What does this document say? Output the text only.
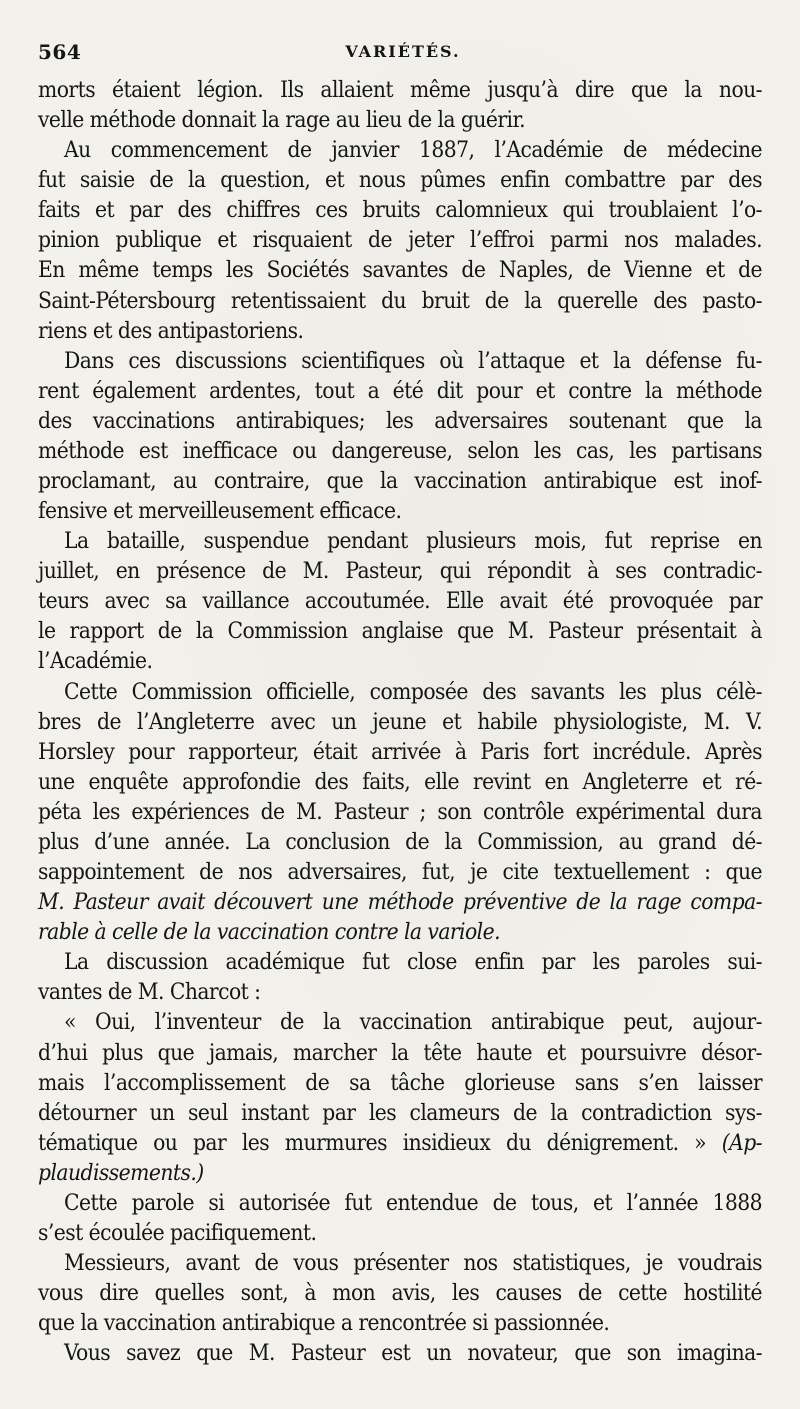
564	VARIÉTÉS.
morts étaient légion. Ils allaient même jusqu’à dire que la nou-
velle méthode donnait la rage au lieu de la guérir.
Au commencement de janvier 1887, l’Académie de médecine
fut saisie de la question, et nous pûmes enfin combattre par des
faits et par des chiffres ces bruits calomnieux qui troublaient l’o-
pinion publique et risquaient de jeter l’effroi parmi nos malades.
En même temps les Sociétés savantes de Naples, de Vienne et de
Saint-Pétersbourg retentissaient du bruit de la querelle des pasto-
riens et des antipastoriens.
Dans ces discussions scientifiques où l’attaque et la défense fu-
rent également ardentes, tout a été dit pour et contre la méthode
des vaccinations antirabiques; les adversaires soutenant que la
méthode est inefficace ou dangereuse, selon les cas, les partisans
proclamant, au contraire, que la vaccination antirabique est inof-
fensive et merveilleusement efficace.
La bataille, suspendue pendant plusieurs mois, fut reprise en
juillet, en présence de M. Pasteur, qui répondit à ses contradic-
teurs avec sa vaillance accoutumée. Elle avait été provoquée par
le rapport de la Commission anglaise que M. Pasteur présentait à
l’Académie.
Cette Commission officielle, composée des savants les plus célè-
bres de l’Angleterre avec un jeune et habile physiologiste, M. V.
Horsley pour rapporteur, était arrivée à Paris fort incrédule. Après
une enquête approfondie des faits, elle revint en Angleterre et ré-
péta les expériences de M. Pasteur ; son contrôle expérimental dura
plus d’une année. La conclusion de la Commission, au grand dé-
sappointement de nos adversaires, fut, je cite textuellement : que
M. Pasteur avait découvert une méthode préventive de la rage compa-
rable à celle de la vaccination contre la variole.
La discussion académique fut close enfin par les paroles sui-
vantes de M. Charcot :
« Oui, l’inventeur de la vaccination antirabique peut, aujour-
d’hui plus que jamais, marcher la tête haute et poursuivre désor-
mais l’accomplissement de sa tâche glorieuse sans s’en laisser
détourner un seul instant par les clameurs de la contradiction sys-
tématique ou par les murmures insidieux du dénigrement. » (Ap-
plaudissements.)
Cette parole si autorisée fut entendue de tous, et l’année 1888
s’est écoulée pacifiquement.
Messieurs, avant de vous présenter nos statistiques, je voudrais
vous dire quelles sont, à mon avis, les causes de cette hostilité
que la vaccination antirabique a rencontrée si passionnée.
Vous savez que M. Pasteur est un novateur, que son imagina-
